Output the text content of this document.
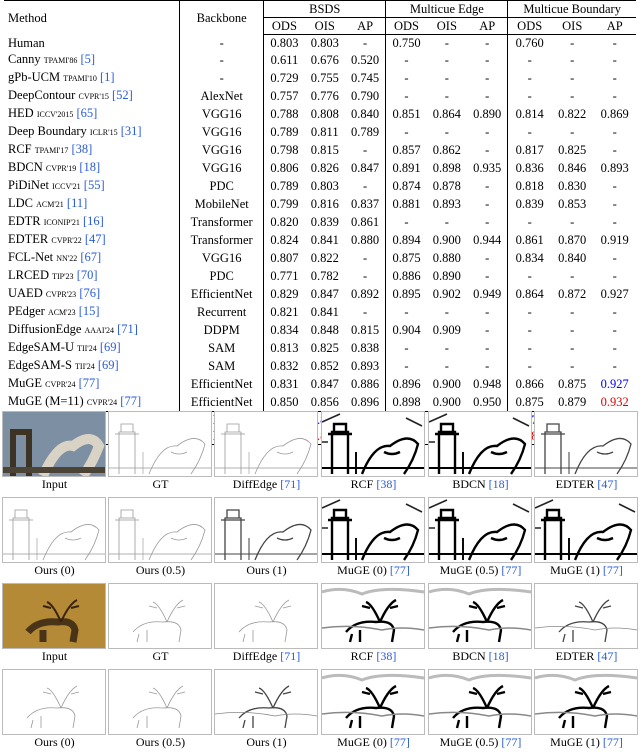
Method	Backbone	BSDS			Multicue Edge			Multicue Boundary		
		ODS	OIS	AP	ODS	OIS	AP	ODS	OIS	AP
Human	-	0.803	0.803	-	0.750	-	-	0.760	-	-
Canny TPAMI'86 [5]	-	0.611	0.676	0.520	-	-	-	-	-	-
gPb-UCM TPAMI'10 [1]	-	0.729	0.755	0.745	-	-	-	-	-	-
DeepContour CVPR'15 [52]	AlexNet	0.757	0.776	0.790	-	-	-	-	-	-
HED ICCV'2015 [65]	VGG16	0.788	0.808	0.840	0.851	0.864	0.890	0.814	0.822	0.869
Deep Boundary ICLR'15 [31]	VGG16	0.789	0.811	0.789	-	-	-	-	-	-
RCF TPAMI'17 [38]	VGG16	0.798	0.815	-	0.857	0.862	-	0.817	0.825	-
BDCN CVPR'19 [18]	VGG16	0.806	0.826	0.847	0.891	0.898	0.935	0.836	0.846	0.893
PiDiNet ICCV'21 [55]	PDC	0.789	0.803	-	0.874	0.878	-	0.818	0.830	-
LDC ACM'21 [11]	MobileNet	0.799	0.816	0.837	0.881	0.893	-	0.839	0.853	-
EDTR ICONIP'21 [16]	Transformer	0.820	0.839	0.861	-	-	-	-	-	-
EDTER CVPR'22 [47]	Transformer	0.824	0.841	0.880	0.894	0.900	0.944	0.861	0.870	0.919
FCL-Net NN'22 [67]	VGG16	0.807	0.822	-	0.875	0.880	-	0.834	0.840	-
LRCED TIP'23 [70]	PDC	0.771	0.782	-	0.886	0.890	-	-	-	-
UAED CVPR'23 [76]	EfficientNet	0.829	0.847	0.892	0.895	0.902	0.949	0.864	0.872	0.927
PEdger ACM'23 [15]	Recurrent	0.821	0.841	-	-	-	-	-	-	-
DiffusionEdge AAAI'24 [71]	DDPM	0.834	0.848	0.815	0.904	0.909	-	-	-	-
EdgeSAM-U TII'24 [69]	SAM	0.813	0.825	0.838	-	-	-	-	-	-
EdgeSAM-S TII'24 [69]	SAM	0.832	0.852	0.893	-	-	-	-	-	-
MuGE CVPR'24 [77]	EfficientNet	0.831	0.847	0.886	0.896	0.900	0.948	0.866	0.875	0.927
MuGE (M=11) CVPR'24 [77]	EfficientNet	0.850	0.856	0.896	0.898	0.900	0.950	0.875	0.879	0.932

Input	GT	DiffEdge [71]	RCF [38]	BDCN [18]	EDTER [47]
Ours (0)	Ours (0.5)	Ours (1)	MuGE (0) [77]	MuGE (0.5) [77]	MuGE (1) [77]
Input	GT	DiffEdge [71]	RCF [38]	BDCN [18]	EDTER [47]
Ours (0)	Ours (0.5)	Ours (1)	MuGE (0) [77]	MuGE (0.5) [77]	MuGE (1) [77]
